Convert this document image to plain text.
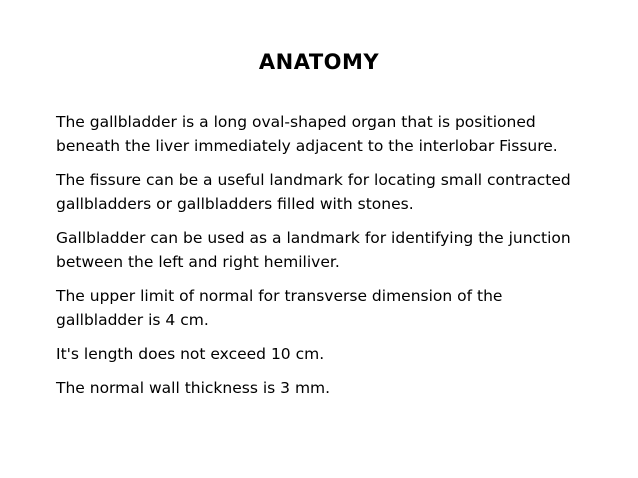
ANATOMY

The gallbladder is a long oval-shaped organ that is positioned beneath the liver immediately adjacent to the interlobar Fissure.

The fissure can be a useful landmark for locating small contracted gallbladders or gallbladders filled with stones.

Gallbladder can be used as a landmark for identifying the junction between the left and right hemiliver.

The upper limit of normal for transverse dimension of the gallbladder is 4 cm.

It's length does not exceed 10 cm.

The normal wall thickness is 3 mm.
